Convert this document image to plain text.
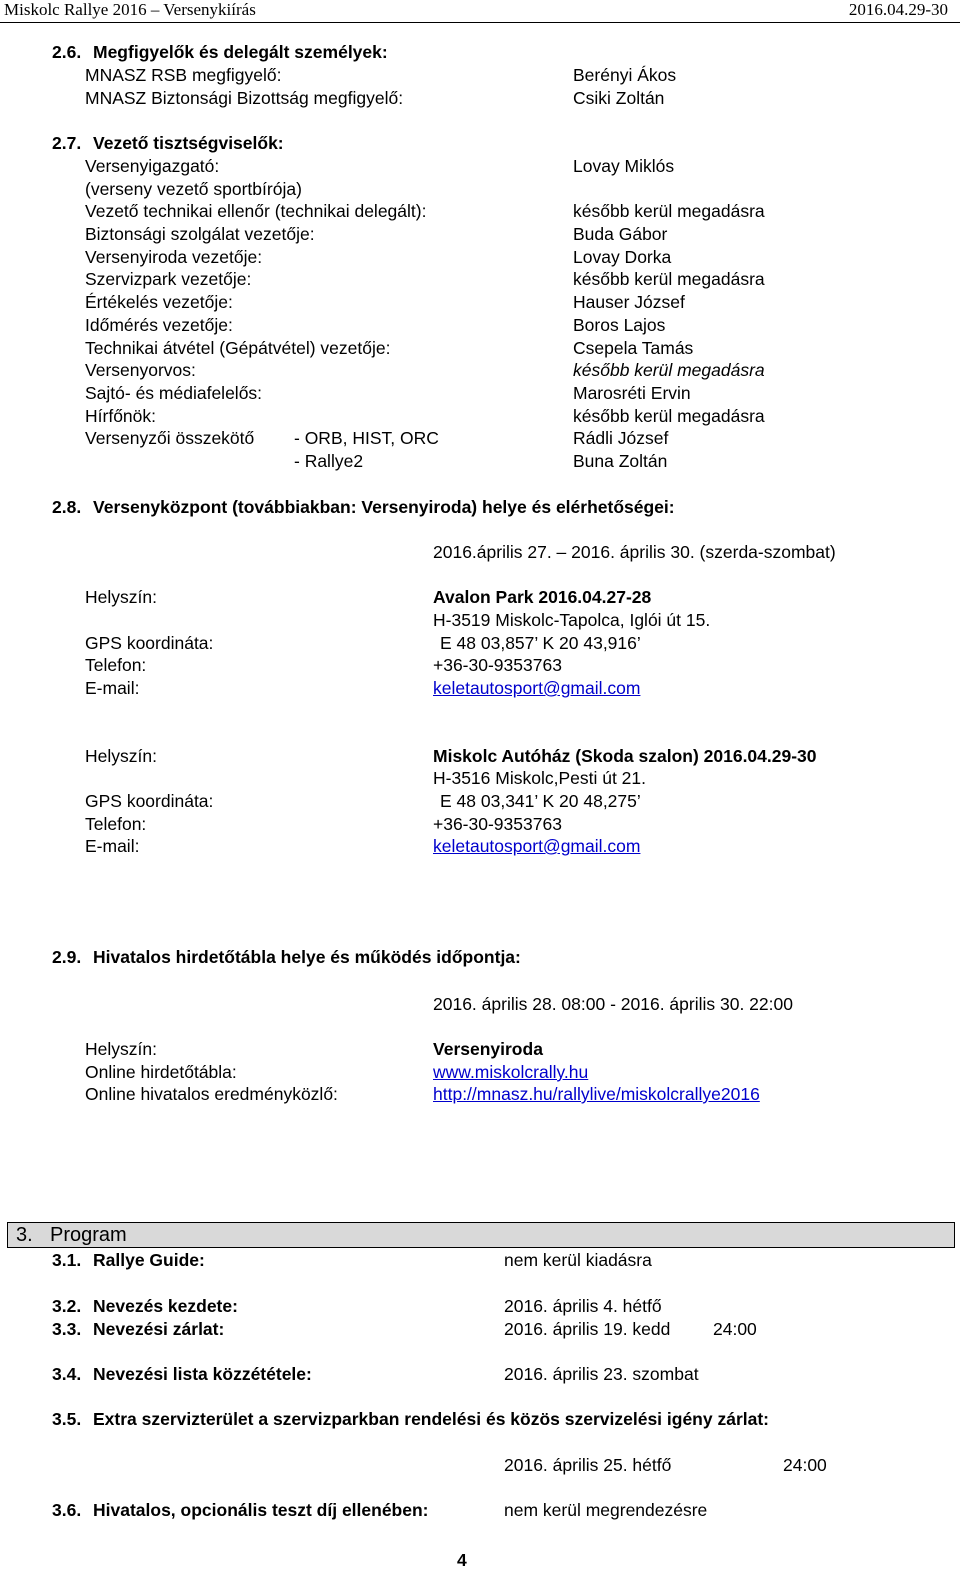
Miskolc Rallye 2016 – Versenykiírás	2016.04.29-30
2.6. Megfigyelők és delegált személyek:
MNASZ RSB megfigyelő:	Berényi Ákos
MNASZ Biztonsági Bizottság megfigyelő:	Csiki Zoltán
2.7. Vezető tisztségviselők:
Versenyigazgató:	Lovay Miklós
(verseny vezető sportbírója)
Vezető technikai ellenőr (technikai delegált):	később kerül megadásra
Biztonsági szolgálat vezetője:	Buda Gábor
Versenyiroda vezetője:	Lovay Dorka
Szervizpark vezetője:	később kerül megadásra
Értékelés vezetője:	Hauser József
Időmérés vezetője:	Boros Lajos
Technikai átvétel (Gépátvétel) vezetője:	Csepela Tamás
Versenyorvos:	később kerül megadásra
Sajtó- és médiafelelős:	Marosréti Ervin
Hírfőnök:	később kerül megadásra
Versenyzői összekötő - ORB, HIST, ORC	Rádli József
- Rallye2	Buna Zoltán
2.8. Versenyközpont (továbbiakban: Versenyiroda) helye és elérhetőségei:
2016.április 27. – 2016. április 30. (szerda-szombat)
Helyszín:	Avalon Park 2016.04.27-28
H-3519 Miskolc-Tapolca, Iglói út 15.
GPS koordináta:	E 48 03,857’ K 20 43,916’
Telefon:	+36-30-9353763
E-mail:	keletautosport@gmail.com
Helyszín:	Miskolc Autóház (Skoda szalon) 2016.04.29-30
H-3516 Miskolc,Pesti út 21.
GPS koordináta:	E 48 03,341’ K 20 48,275’
Telefon:	+36-30-9353763
E-mail:	keletautosport@gmail.com
2.9. Hivatalos hirdetőtábla helye és működés időpontja:
2016. április 28. 08:00 - 2016. április 30. 22:00
Helyszín:	Versenyiroda
Online hirdetőtábla:	www.miskolcrally.hu
Online hivatalos eredményközlő:	http://mnasz.hu/rallylive/miskolcrallye2016
3. Program
3.1. Rallye Guide:	nem kerül kiadásra
3.2. Nevezés kezdete:	2016. április 4. hétfő
3.3. Nevezési zárlat:	2016. április 19. kedd 24:00
3.4. Nevezési lista közzététele:	2016. április 23. szombat
3.5. Extra szervizterület a szervizparkban rendelési és közös szervizelési igény zárlat:
2016. április 25. hétfő	24:00
3.6. Hivatalos, opcionális teszt díj ellenében:	nem kerül megrendezésre
4
